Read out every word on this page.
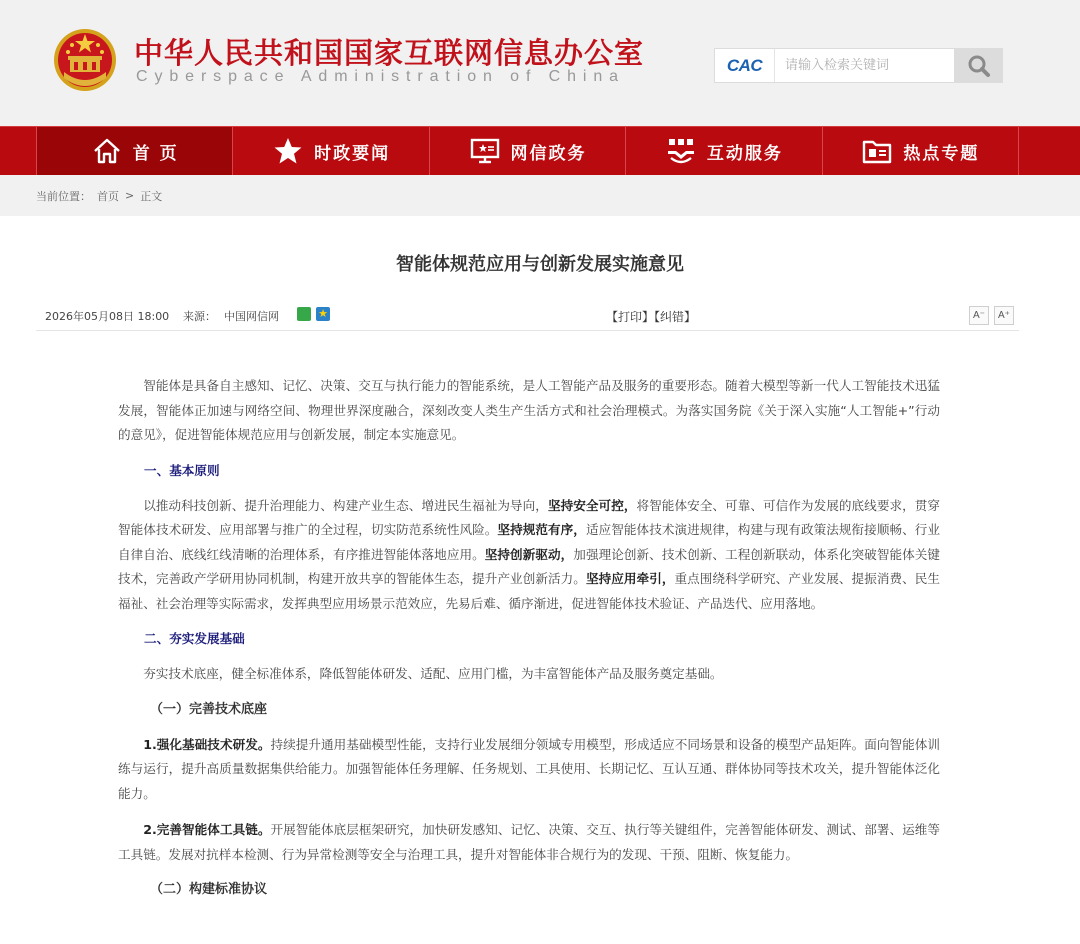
中华人民共和国国家互联网信息办公室
Cyberspace Administration of China
CAC
请输入检索关键词
首 页	时政要闻	网信政务	互动服务	热点专题
当前位置： 首页 > 正文
智能体规范应用与创新发展实施意见
2026年05月08日 18:00 来源： 中国网信网	★	【打印】【纠错】	A⁻	A⁺

智能体是具备自主感知、记忆、决策、交互与执行能力的智能系统，是人工智能产品及服务的重要形态。随着大模型等新一代人工智能技术迅猛发展，智能体正加速与网络空间、物理世界深度融合，深刻改变人类生产生活方式和社会治理模式。为落实国务院《关于深入实施“人工智能+”行动的意见》，促进智能体规范应用与创新发展，制定本实施意见。

一、基本原则

以推动科技创新、提升治理能力、构建产业生态、增进民生福祉为导向，坚持安全可控，将智能体安全、可靠、可信作为发展的底线要求，贯穿智能体技术研发、应用部署与推广的全过程，切实防范系统性风险。坚持规范有序，适应智能体技术演进规律，构建与现有政策法规衔接顺畅、行业自律自治、底线红线清晰的治理体系，有序推进智能体落地应用。坚持创新驱动，加强理论创新、技术创新、工程创新联动，体系化突破智能体关键技术，完善政产学研用协同机制，构建开放共享的智能体生态，提升产业创新活力。坚持应用牵引，重点围绕科学研究、产业发展、提振消费、民生福祉、社会治理等实际需求，发挥典型应用场景示范效应，先易后难、循序渐进，促进智能体技术验证、产品迭代、应用落地。

二、夯实发展基础

夯实技术底座，健全标准体系，降低智能体研发、适配、应用门槛，为丰富智能体产品及服务奠定基础。

（一）完善技术底座

1.强化基础技术研发。持续提升通用基础模型性能，支持行业发展细分领域专用模型，形成适应不同场景和设备的模型产品矩阵。面向智能体训练与运行，提升高质量数据集供给能力。加强智能体任务理解、任务规划、工具使用、长期记忆、互认互通、群体协同等技术攻关，提升智能体泛化能力。

2.完善智能体工具链。开展智能体底层框架研究，加快研发感知、记忆、决策、交互、执行等关键组件，完善智能体研发、测试、部署、运维等工具链。发展对抗样本检测、行为异常检测等安全与治理工具，提升对智能体非合规行为的发现、干预、阻断、恢复能力。

（二）构建标准协议
